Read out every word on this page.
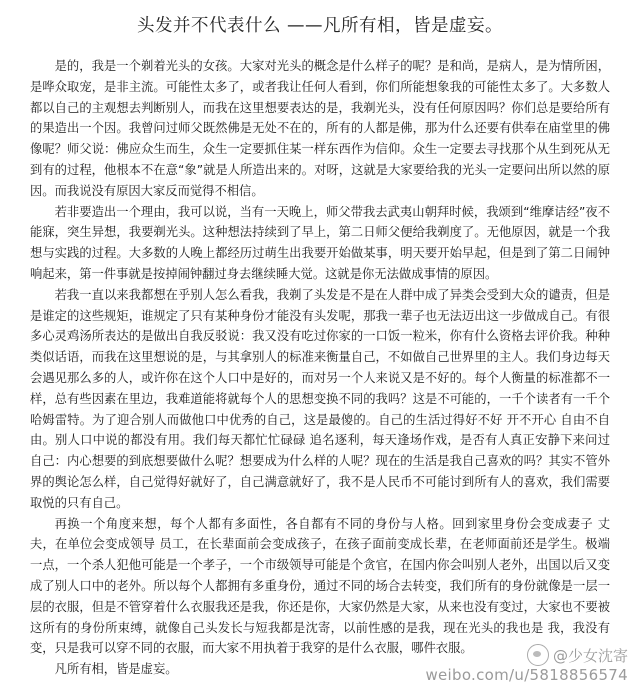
头发并不代表什么 ——凡所有相，皆是虚妄。

是的，我是一个剃着光头的女孩。大家对光头的概念是什么样子的呢？是和尚，是病人，是为情所困，是哗众取宠，是非主流。可能性太多了，或者我让任何人看到，你们所能想象我的可能性太多了。大多数人都以自己的主观想去判断别人，而我在这里想要表达的是，我剃光头，没有任何原因吗？你们总是要给所有的果造出一个因。我曾问过师父既然佛是无处不在的，所有的人都是佛，那为什么还要有供奉在庙堂里的佛像呢？师父说：佛应众生而生，众生一定要抓住某一样东西作为信仰。众生一定要去寻找那个从生到死从无到有的过程，他根本不在意“象”就是人所造出来的。对呀，这就是大家要给我的光头一定要问出所以然的原因。而我说没有原因大家反而觉得不相信。

若非要造出一个理由，我可以说，当有一天晚上，师父带我去武夷山朝拜时候，我颂到“维摩诘经”夜不能寐，突生异想，我要剃光头。这种想法持续到了早上，第二日师父便给我剃度了。无他原因，就是一个我想与实践的过程。大多数的人晚上都经历过萌生出我要开始做某事，明天要开始早起，但是到了第二日闹钟响起来，第一件事就是按掉闹钟翻过身去继续睡大觉。这就是你无法做成事情的原因。

若我一直以来我都想在乎别人怎么看我，我剃了头发是不是在人群中成了异类会受到大众的谴责，但是是谁定的这些规矩，谁规定了只有某种身份才能没有头发呢，那我一辈子也无法迈出这一步做成自己。有很多心灵鸡汤所表达的是做出自我反驳说：我又没有吃过你家的一口饭一粒米，你有什么资格去评价我。种种类似话语，而我在这里想说的是，与其拿别人的标准来衡量自己，不如做自己世界里的主人。我们身边每天会遇见那么多的人，或许你在这个人口中是好的，而对另一个人来说又是不好的。每个人衡量的标准都不一样，总有些因素在里边，我难道能将就每个人的思想变换不同的我吗？这是不可能的，一千个读者有一千个哈姆雷特。为了迎合别人而做他口中优秀的自己，这是最傻的。自己的生活过得好不好 开不开心 自由不自由。别人口中说的都没有用。我们每天都忙忙碌碌 追名逐利，每天逢场作戏，是否有人真正安静下来问过自己：内心想要的到底想要做什么呢？想要成为什么样的人呢？现在的生活是我自己喜欢的吗？其实不管外界的舆论怎么样，自己觉得好就好了，自己满意就好了，我不是人民币不可能讨到所有人的喜欢，我们需要取悦的只有自己。

再换一个角度来想，每个人都有多面性，各自都有不同的身份与人格。回到家里身份会变成妻子 丈夫，在单位会变成领导 员工，在长辈面前会变成孩子，在孩子面前变成长辈，在老师面前还是学生。极端一点，一个杀人犯他可能是一个孝子，一个市级领导可能是个贪官，在国内你会叫别人老外，出国以后又变成了别人口中的老外。所以每个人都拥有多重身份，通过不同的场合去转变，我们所有的身份就像是一层一层的衣服，但是不管穿着什么衣服我还是我，你还是你，大家仍然是大家，从来也没有变过，大家也不要被这所有的身份所束缚，就像自己头发长与短我都是沈寄，以前性感的是我，现在光头的我也是 我，我没有变，只是我可以穿不同的衣服，而大家不用执着于我穿的是什么衣服，哪件衣服。

凡所有相，皆是虚妄。

@少女沈寄
weibo.com/u/5818856574
